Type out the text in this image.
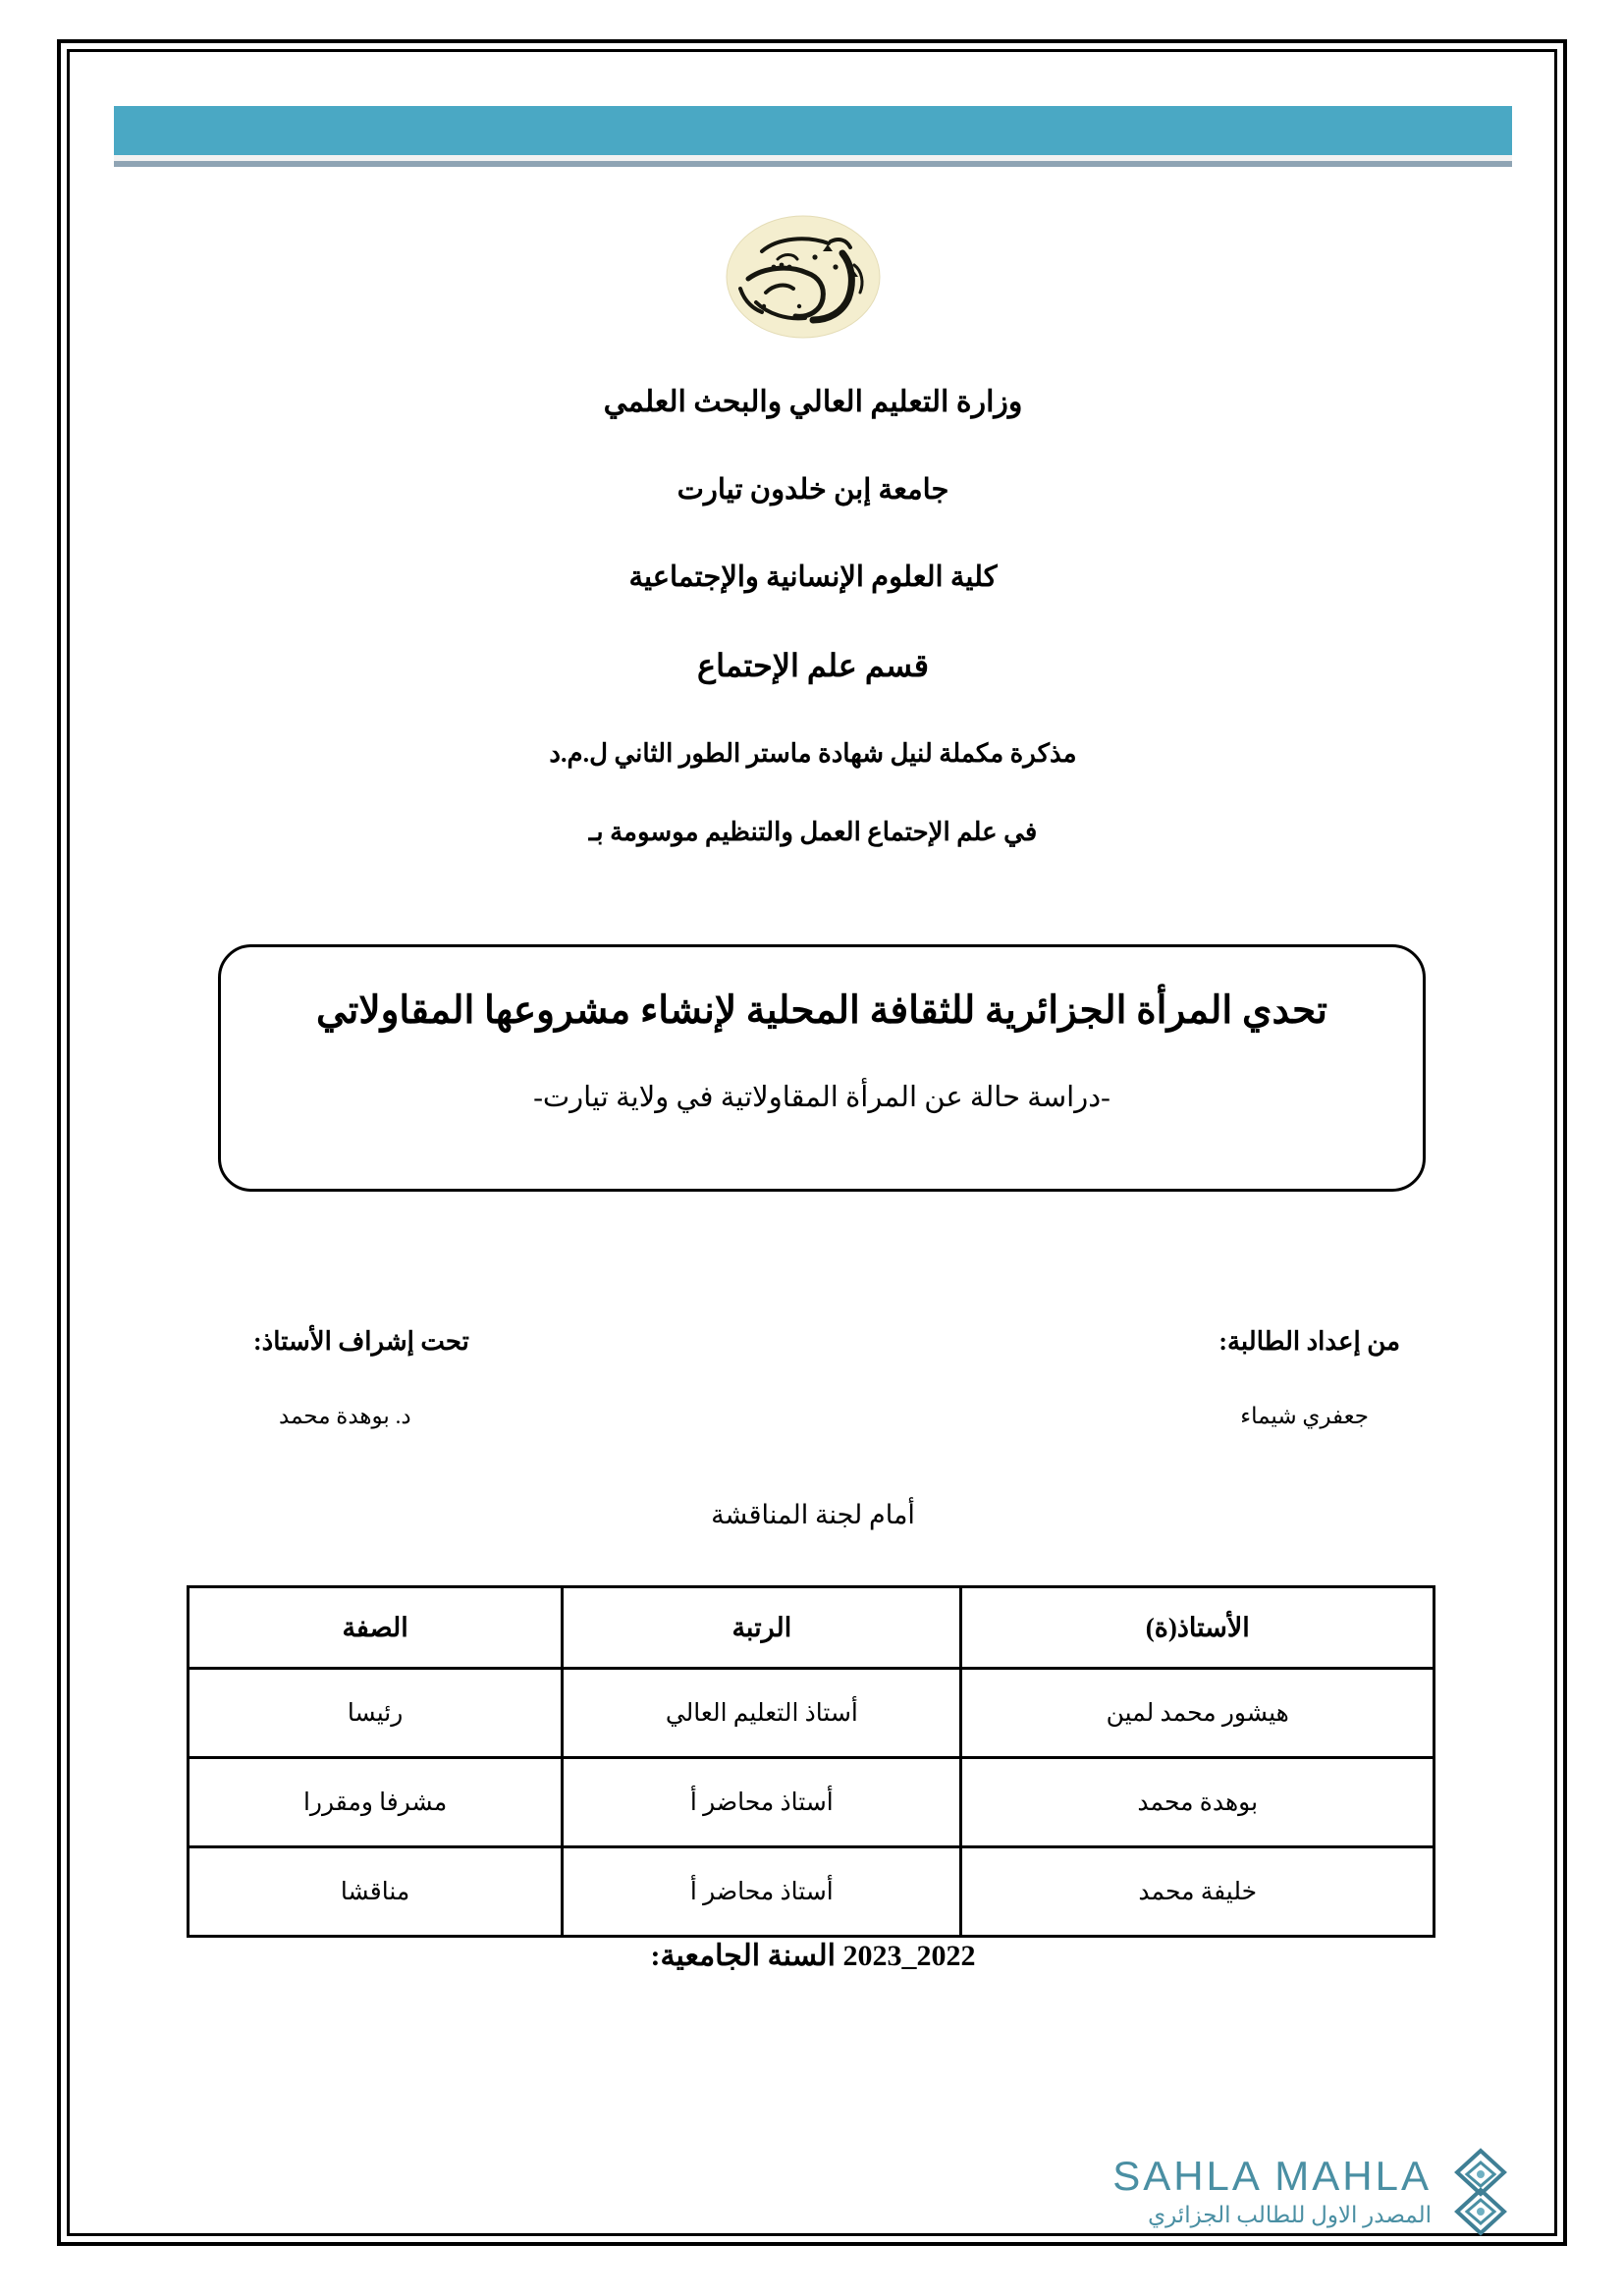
وزارة التعليم العالي والبحث العلمي
جامعة إبن خلدون تيارت
كلية العلوم الإنسانية والإجتماعية
قسم علم الإحتماع
مذكرة مكملة لنيل شهادة ماستر الطور الثاني ل.م.د
في علم الإحتماع العمل والتنظيم موسومة بـ
تحدي المرأة الجزائرية للثقافة المحلية لإنشاء مشروعها المقاولاتي
-دراسة حالة عن المرأة المقاولاتية في ولاية تيارت-
من إعداد الطالبة:
جعفري شيماء
تحت إشراف الأستاذ:
د. بوهدة محمد
أمام لجنة المناقشة
الأستاذ(ة)	الرتبة	الصفة
هيشور محمد لمين	أستاذ التعليم العالي	رئيسا
بوهدة محمد	أستاذ محاضر أ	مشرفا ومقررا
خليفة محمد	أستاذ محاضر أ	مناقشا
2023_2022 السنة الجامعية:
SAHLA MAHLA
المصدر الاول للطالب الجزائري
